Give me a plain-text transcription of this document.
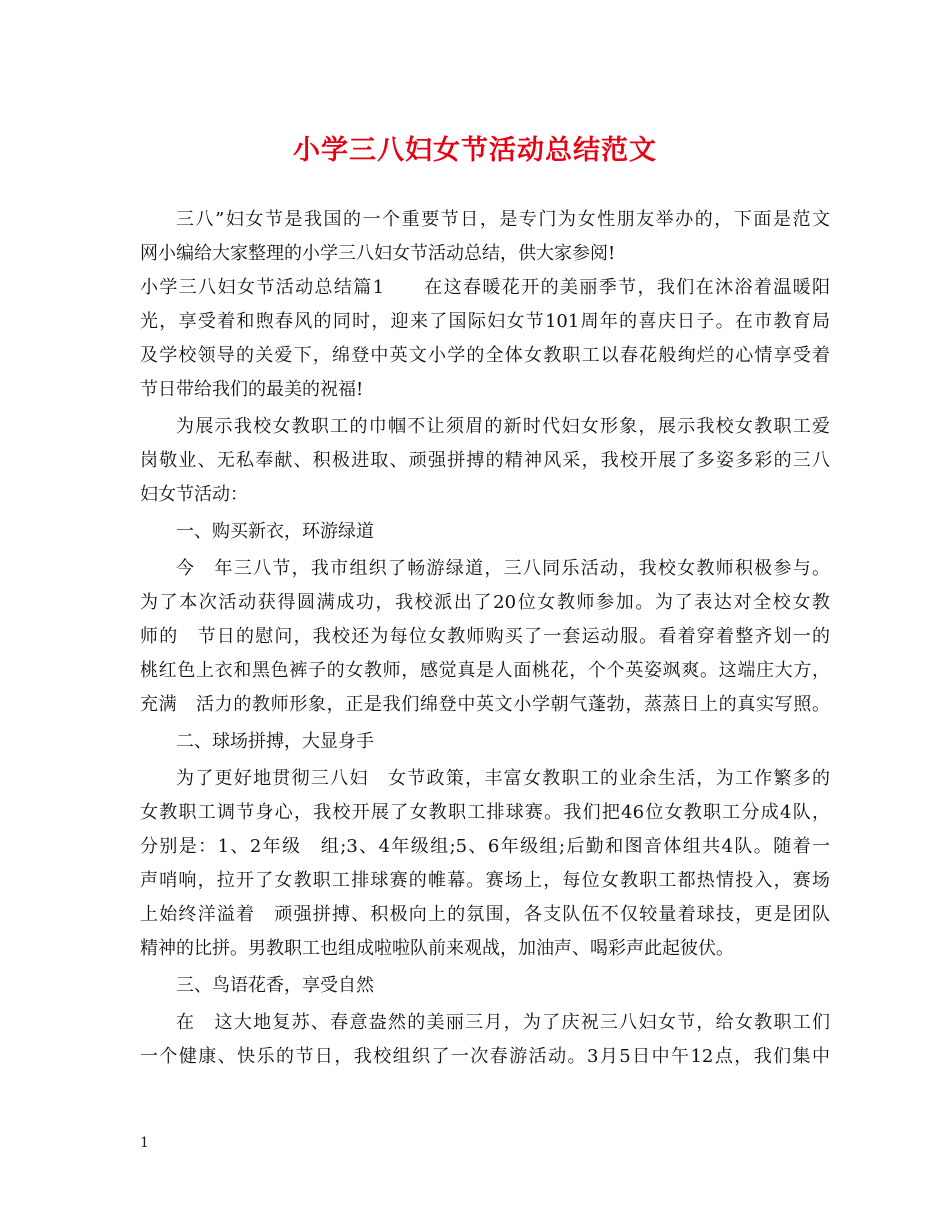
小学三八妇女节活动总结范文

三八”妇女节是我国的一个重要节日，是专门为女性朋友举办的，下面是范文

网小编给大家整理的小学三八妇女节活动总结，供大家参阅!

小学三八妇女节活动总结篇1　　在这春暖花开的美丽季节，我们在沐浴着温暖阳

光，享受着和煦春风的同时，迎来了国际妇女节101周年的喜庆日子。在市教育局

及学校领导的关爱下，绵登中英文小学的全体女教职工以春花般绚烂的心情享受着

节日带给我们的最美的祝福!

为展示我校女教职工的巾帼不让须眉的新时代妇女形象，展示我校女教职工爱

岗敬业、无私奉献、积极进取、顽强拼搏的精神风采，我校开展了多姿多彩的三八

妇女节活动：

一、购买新衣，环游绿道

今　年三八节，我市组织了畅游绿道，三八同乐活动，我校女教师积极参与。

为了本次活动获得圆满成功，我校派出了20位女教师参加。为了表达对全校女教

师的　节日的慰问，我校还为每位女教师购买了一套运动服。看着穿着整齐划一的

桃红色上衣和黑色裤子的女教师，感觉真是人面桃花，个个英姿飒爽。这端庄大方，

充满　活力的教师形象，正是我们绵登中英文小学朝气蓬勃，蒸蒸日上的真实写照。

二、球场拼搏，大显身手

为了更好地贯彻三八妇　女节政策，丰富女教职工的业余生活，为工作繁多的

女教职工调节身心，我校开展了女教职工排球赛。我们把46位女教职工分成4队，

分别是：1、2年级　组;3、4年级组;5、6年级组;后勤和图音体组共4队。随着一

声哨响，拉开了女教职工排球赛的帷幕。赛场上，每位女教职工都热情投入，赛场

上始终洋溢着　顽强拼搏、积极向上的氛围，各支队伍不仅较量着球技，更是团队

精神的比拼。男教职工也组成啦啦队前来观战，加油声、喝彩声此起彼伏。

三、鸟语花香，享受自然

在　这大地复苏、春意盎然的美丽三月，为了庆祝三八妇女节，给女教职工们

一个健康、快乐的节日，我校组织了一次春游活动。3月5日中午12点，我们集中

1
